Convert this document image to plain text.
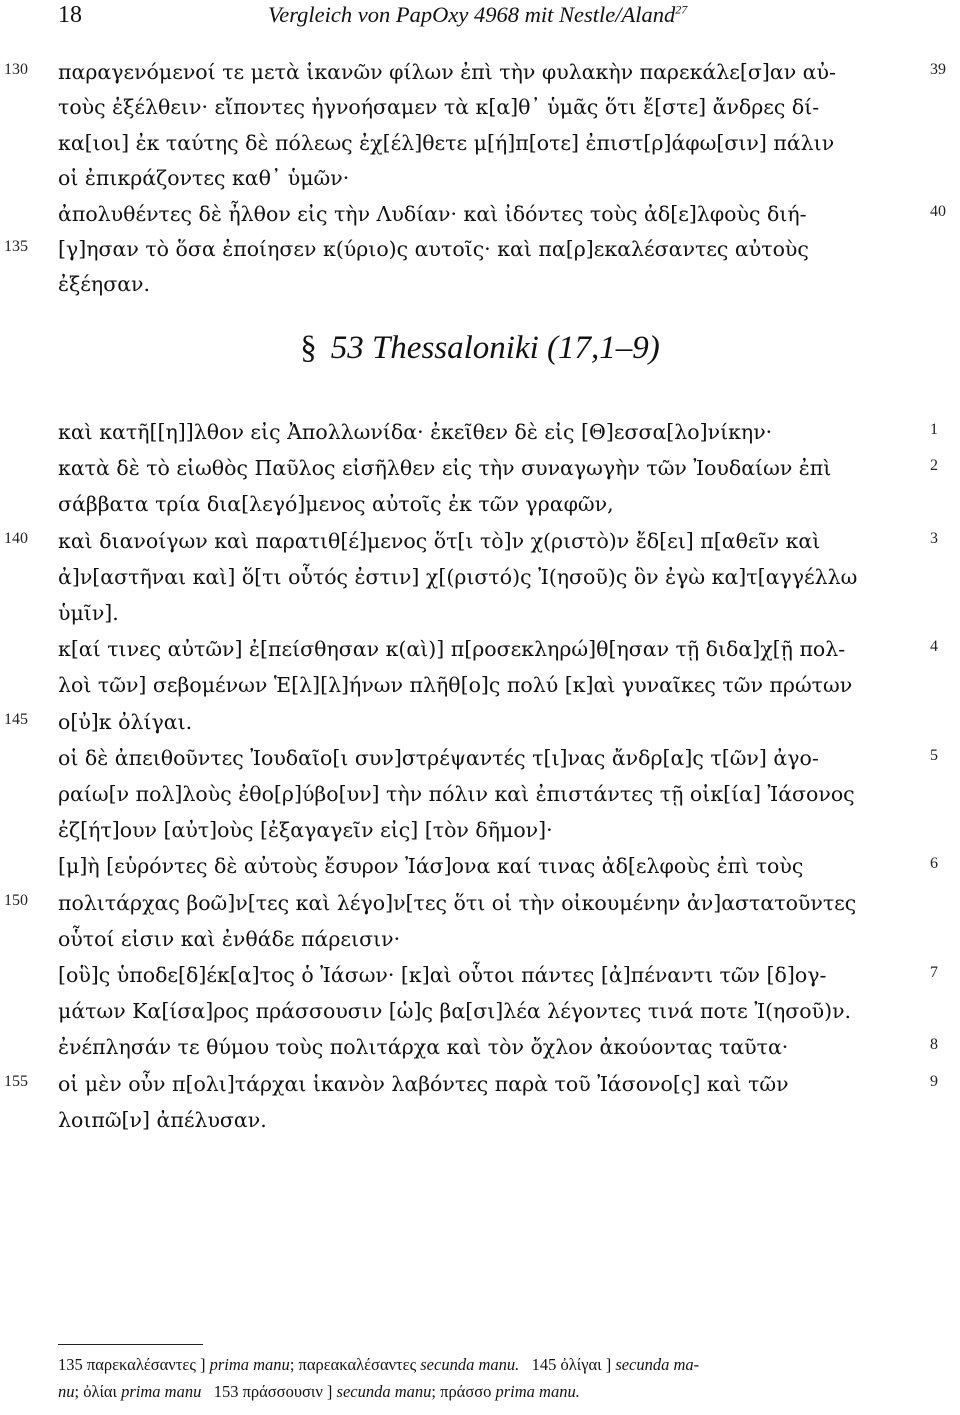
18	Vergleich von PapOxy 4968 mit Nestle/Aland$^{27}$
130 παραγενόμενοί τε μετὰ ἱκανῶν φίλων ἐπὶ τὴν φυλακὴν παρεκάλε[σ]αν αὐ-	39
τοὺς ἐξέλθειν· εἴποντες ἠγνοήσαμεν τὰ κ[α]θ᾽ ὑμᾶς ὅτι ἔ[στε] ἄνδρες δί-
κα[ιοι] ἐκ ταύτης δὲ πόλεως ἐχ[έλ]θετε μ[ή]π[οτε] ἐπιστ[ρ]άφω[σιν] πάλιν
οἱ ἐπικράζοντες καθ᾽ ὑμῶν·
ἀπολυθέντες δὲ ἦλθον εἰς τὴν Λυδίαν· καὶ ἰδόντες τοὺς ἀδ[ε]λφοὺς διή-	40
135 [γ]ησαν τὸ ὅσα ἐποίησεν κ(ύριο)ς αυτοῖς· καὶ πα[ρ]εκαλέσαντες αὐτοὺς
ἐξέησαν.
§ 53 Thessaloniki (17,1–9)
καὶ κατῆ[[η]]λθον εἰς Ἀπολλωνίδα· ἐκεῖθεν δὲ εἰς [Θ]εσσα[λο]νίκην·	1
κατὰ δὲ τὸ εἰωθὸς Παῦλος εἰσῆλθεν εἰς τὴν συναγωγὴν τῶν Ἰουδαίων ἐπὶ	2
σάββατα τρία δια[λεγό]μενος αὐτοῖς ἐκ τῶν γραφῶν,
140 καὶ διανοίγων καὶ παρατιθ[έ]μενος ὅτ[ι τὸ]ν χ(ριστὸ)ν ἔδ[ει] π[αθεῖν καὶ	3
ἀ]ν[αστῆναι καὶ] ὅ[τι οὗτός ἐστιν] χ[(ριστό)ς Ἰ(ησοῦ)ς ὃν ἐγὼ κα]τ[αγγέλλω
ὑμῖν].
κ[αί τινες αὐτῶν] ἐ[πείσθησαν κ(αὶ)] π[ροσεκληρώ]θ[ησαν τῇ διδα]χ[ῇ πολ-	4
λοὶ τῶν] σεβομένων Ἑ[λ][λ]ήνων πλῆθ[ο]ς πολύ [κ]αὶ γυναῖκες τῶν πρώτων
145 ο[ὐ]κ ὀλίγαι.
οἱ δὲ ἀπειθοῦντες Ἰουδαῖο[ι συν]στρέψαντές τ[ι]νας ἄνδρ[α]ς τ[ῶν] ἀγο-	5
ραίω[ν πολ]λοὺς ἐθο[ρ]ύβο[υν] τὴν πόλιν καὶ ἐπιστάντες τῇ οἰκ[ία] Ἰάσονος
ἐζ[ήτ]ουν [αὐτ]οὺς [ἐξαγαγεῖν εἰς] [τὸν δῆμον]·
[μ]ὴ [εὑρόντες δὲ αὐτοὺς ἔσυρον Ἰάσ]ονα καί τινας ἀδ[ελφοὺς ἐπὶ τοὺς	6
150 πολιτάρχας βοῶ]ν[τες καὶ λέγο]ν[τες ὅτι οἱ τὴν οἰκουμένην ἀν]αστατοῦντες
οὗτοί εἰσιν καὶ ἐνθάδε πάρεισιν·
[οὓ]ς ὑποδε[δ]έκ[α]τος ὁ Ἰάσων· [κ]αὶ οὗτοι πάντες [ἀ]πέναντι τῶν [δ]ογ-	7
μάτων Κα[ίσα]ρος πράσσουσιν [ὡ]ς βα[σι]λέα λέγοντες τινά ποτε Ἰ(ησοῦ)ν.
ἐνέπλησάν τε θύμου τοὺς πολιτάρχα καὶ τὸν ὄχλον ἀκούοντας ταῦτα·	8
155 οἱ μὲν οὖν π[ολι]τάρχαι ἱκανὸν λαβόντες παρὰ τοῦ Ἰάσονο[ς] καὶ τῶν	9
λοιπῶ[ν] ἀπέλυσαν.
135 παρεκαλέσαντες ] prima manu; παρεακαλέσαντες secunda manu. 145 ὀλίγαι ] secunda ma-
nu; ὀλίαι prima manu 153 πράσσουσιν ] secunda manu; πράσσο prima manu.
